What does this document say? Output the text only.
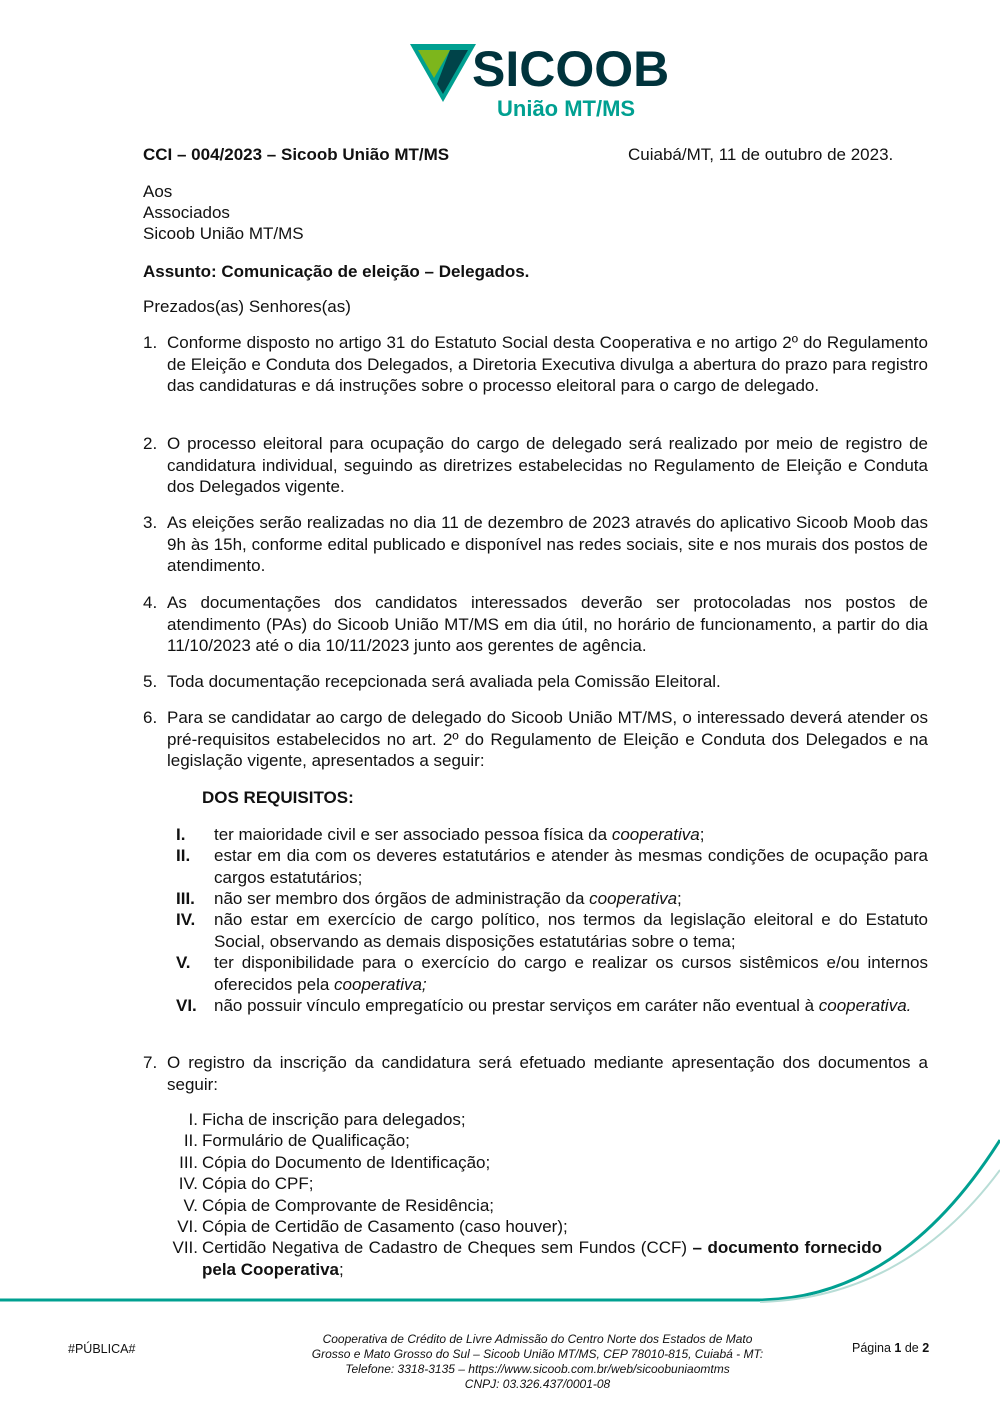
SICOOB
União MT/MS
CCI – 004/2023 – Sicoob União MT/MS	Cuiabá/MT, 11 de outubro de 2023.
Aos
Associados
Sicoob União MT/MS
Assunto: Comunicação de eleição – Delegados.
Prezados(as) Senhores(as)
1. Conforme disposto no artigo 31 do Estatuto Social desta Cooperativa e no artigo 2º do Regulamento de Eleição e Conduta dos Delegados, a Diretoria Executiva divulga a abertura do prazo para registro das candidaturas e dá instruções sobre o processo eleitoral para o cargo de delegado.
2. O processo eleitoral para ocupação do cargo de delegado será realizado por meio de registro de candidatura individual, seguindo as diretrizes estabelecidas no Regulamento de Eleição e Conduta dos Delegados vigente.
3. As eleições serão realizadas no dia 11 de dezembro de 2023 através do aplicativo Sicoob Moob das 9h às 15h, conforme edital publicado e disponível nas redes sociais, site e nos murais dos postos de atendimento.
4. As documentações dos candidatos interessados deverão ser protocoladas nos postos de atendimento (PAs) do Sicoob União MT/MS em dia útil, no horário de funcionamento, a partir do dia 11/10/2023 até o dia 10/11/2023 junto aos gerentes de agência.
5. Toda documentação recepcionada será avaliada pela Comissão Eleitoral.
6. Para se candidatar ao cargo de delegado do Sicoob União MT/MS, o interessado deverá atender os pré-requisitos estabelecidos no art. 2º do Regulamento de Eleição e Conduta dos Delegados e na legislação vigente, apresentados a seguir:
DOS REQUISITOS:
I.	ter maioridade civil e ser associado pessoa física da cooperativa;
II.	estar em dia com os deveres estatutários e atender às mesmas condições de ocupação para cargos estatutários;
III.	não ser membro dos órgãos de administração da cooperativa;
IV.	não estar em exercício de cargo político, nos termos da legislação eleitoral e do Estatuto Social, observando as demais disposições estatutárias sobre o tema;
V.	ter disponibilidade para o exercício do cargo e realizar os cursos sistêmicos e/ou internos oferecidos pela cooperativa;
VI.	não possuir vínculo empregatício ou prestar serviços em caráter não eventual à cooperativa.
7. O registro da inscrição da candidatura será efetuado mediante apresentação dos documentos a seguir:
I. Ficha de inscrição para delegados;
II. Formulário de Qualificação;
III. Cópia do Documento de Identificação;
IV. Cópia do CPF;
V. Cópia de Comprovante de Residência;
VI. Cópia de Certidão de Casamento (caso houver);
VII. Certidão Negativa de Cadastro de Cheques sem Fundos (CCF) – documento fornecido pela Cooperativa;
#PÚBLICA#
Cooperativa de Crédito de Livre Admissão do Centro Norte dos Estados de Mato
Grosso e Mato Grosso do Sul – Sicoob União MT/MS, CEP 78010-815, Cuiabá - MT:
Telefone: 3318-3135 – https://www.sicoob.com.br/web/sicoobuniaomtms
CNPJ: 03.326.437/0001-08
Página 1 de 2
